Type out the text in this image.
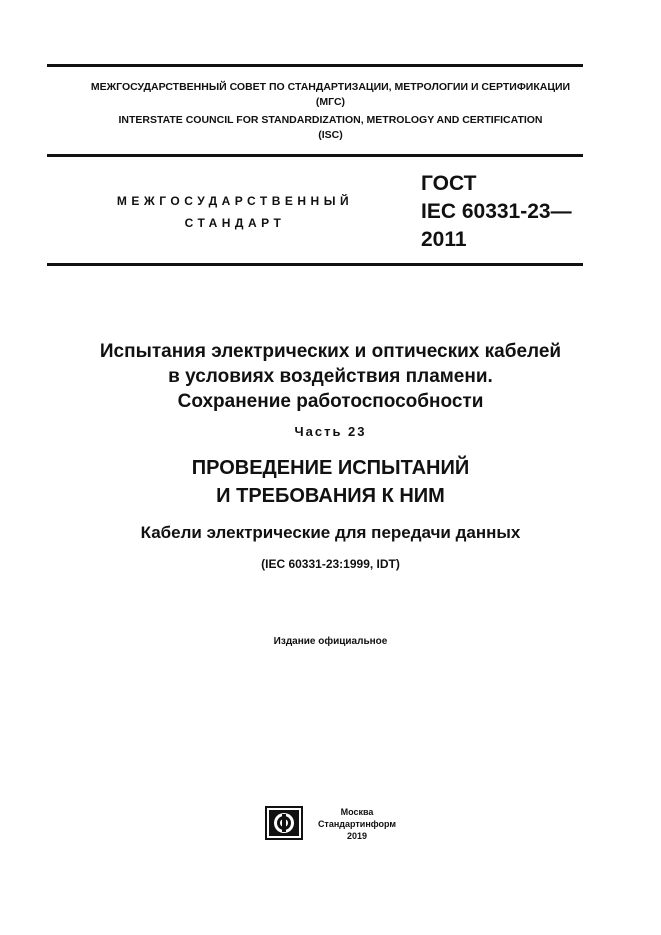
МЕЖГОСУДАРСТВЕННЫЙ СОВЕТ ПО СТАНДАРТИЗАЦИИ, МЕТРОЛОГИИ И СЕРТИФИКАЦИИ
(МГС)
INTERSTATE COUNCIL FOR STANDARDIZATION, METROLOGY AND CERTIFICATION
(ISC)
МЕЖГОСУДАРСТВЕННЫЙ
СТАНДАРТ
ГОСТ
IEC 60331-23—
2011
Испытания электрических и оптических кабелей
в условиях воздействия пламени.
Сохранение работоспособности
Часть 23
ПРОВЕДЕНИЕ ИСПЫТАНИЙ
И ТРЕБОВАНИЯ К НИМ
Кабели электрические для передачи данных
(IEC 60331-23:1999, IDT)
Издание официальное
Москва
Стандартинформ
2019
